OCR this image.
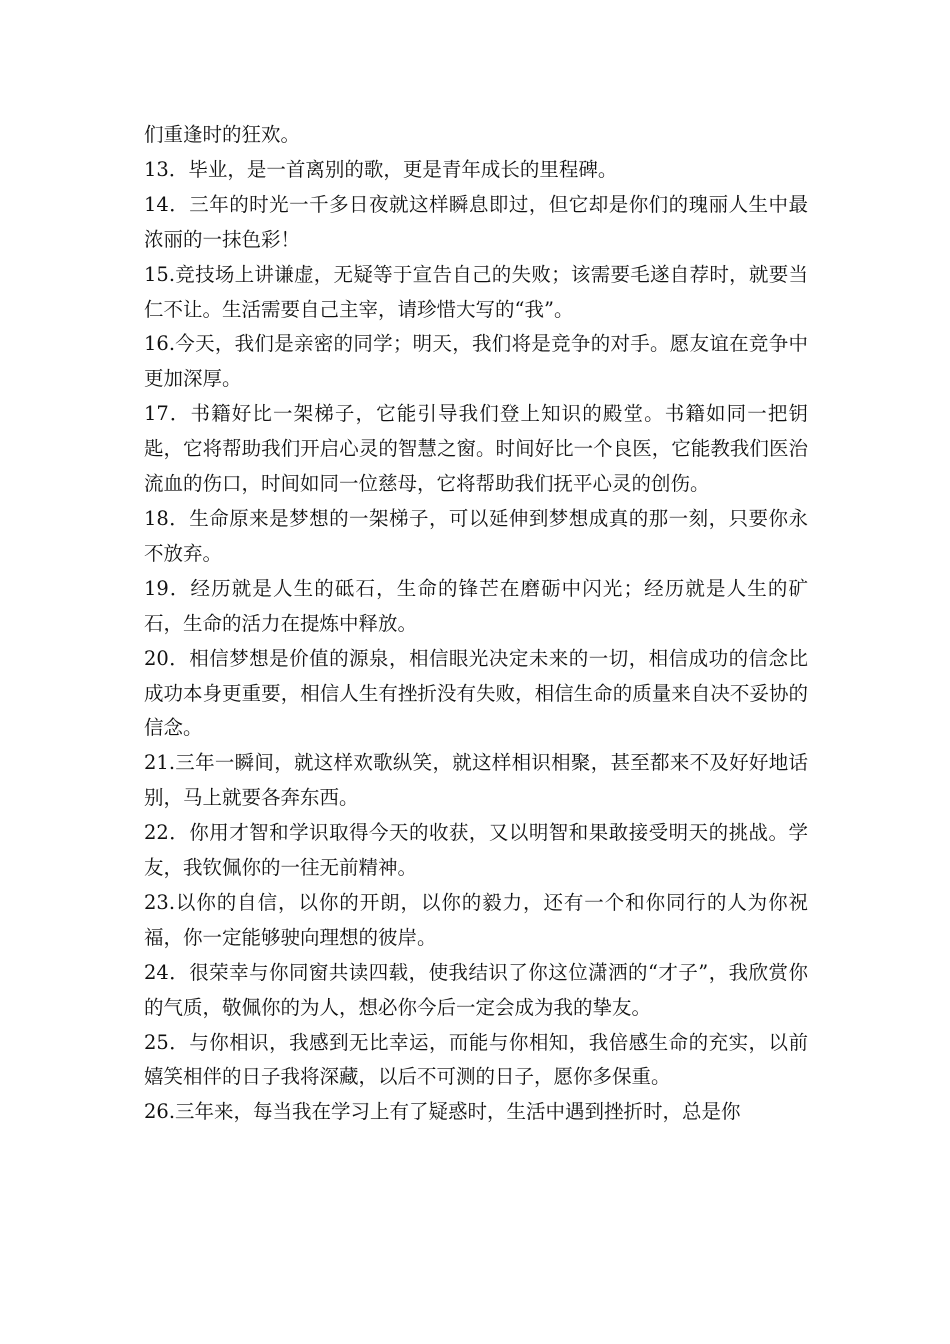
们重逢时的狂欢。

13．毕业，是一首离别的歌，更是青年成长的里程碑。

14．三年的时光一千多日夜就这样瞬息即过，但它却是你们的瑰丽人生中最浓丽的一抹色彩！

15.竞技场上讲谦虚，无疑等于宣告自己的失败；该需要毛遂自荐时，就要当仁不让。生活需要自己主宰，请珍惜大写的“我”。

16.今天，我们是亲密的同学；明天，我们将是竞争的对手。愿友谊在竞争中更加深厚。

17．书籍好比一架梯子，它能引导我们登上知识的殿堂。书籍如同一把钥匙，它将帮助我们开启心灵的智慧之窗。时间好比一个良医，它能教我们医治流血的伤口，时间如同一位慈母，它将帮助我们抚平心灵的创伤。

18．生命原来是梦想的一架梯子，可以延伸到梦想成真的那一刻，只要你永不放弃。

19．经历就是人生的砥石，生命的锋芒在磨砺中闪光；经历就是人生的矿石，生命的活力在提炼中释放。

20．相信梦想是价值的源泉，相信眼光决定未来的一切，相信成功的信念比成功本身更重要，相信人生有挫折没有失败，相信生命的质量来自决不妥协的信念。

21.三年一瞬间，就这样欢歌纵笑，就这样相识相聚，甚至都来不及好好地话别，马上就要各奔东西。

22．你用才智和学识取得今天的收获，又以明智和果敢接受明天的挑战。学友，我钦佩你的一往无前精神。

23.以你的自信，以你的开朗，以你的毅力，还有一个和你同行的人为你祝福，你一定能够驶向理想的彼岸。

24．很荣幸与你同窗共读四载，使我结识了你这位潇洒的“才子”，我欣赏你的气质，敬佩你的为人，想必你今后一定会成为我的挚友。

25．与你相识，我感到无比幸运，而能与你相知，我倍感生命的充实，以前嬉笑相伴的日子我将深藏，以后不可测的日子，愿你多保重。

26.三年来，每当我在学习上有了疑惑时，生活中遇到挫折时，总是你
